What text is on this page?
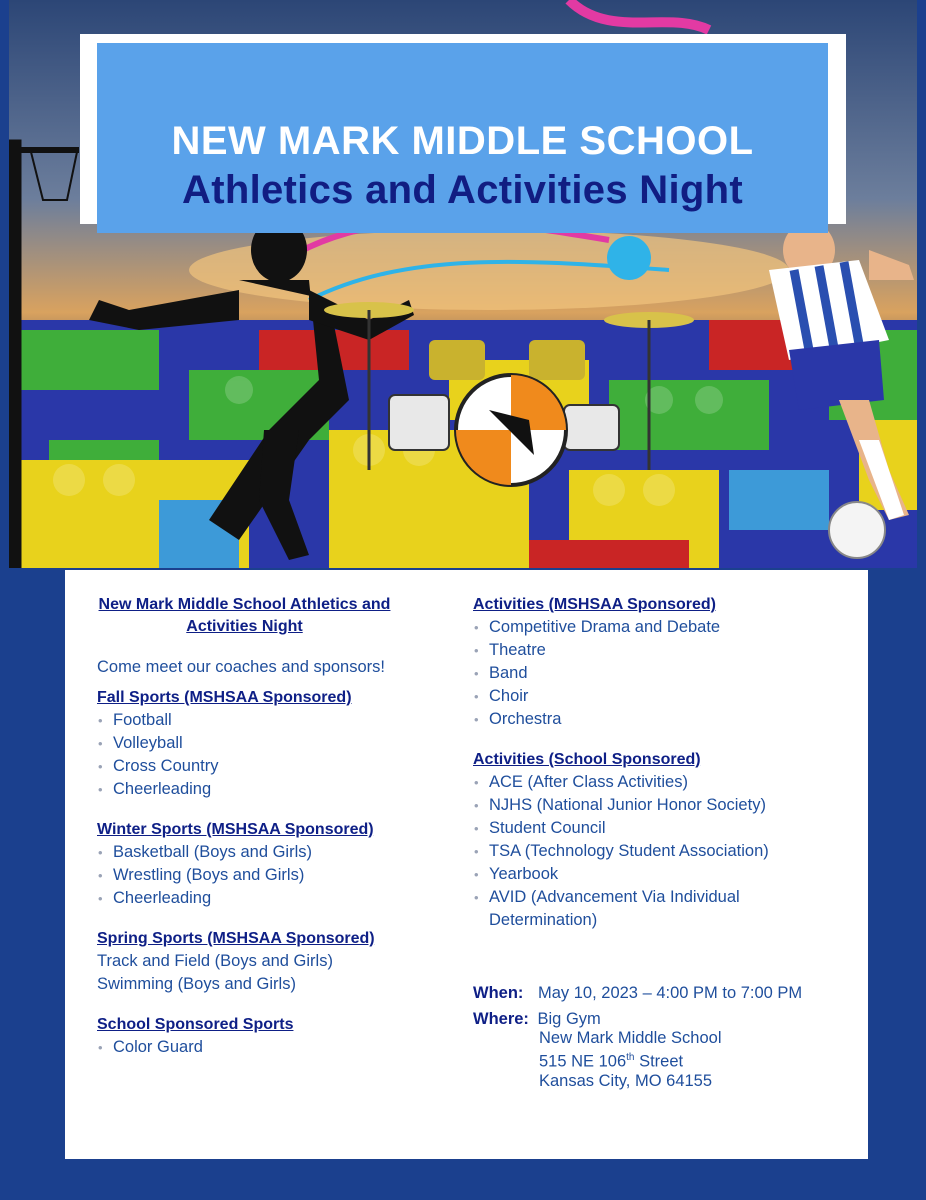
NEW MARK MIDDLE SCHOOL
Athletics and Activities Night
New Mark Middle School Athletics and
Activities Night
Come meet our coaches and sponsors!
Fall Sports (MSHSAA Sponsored)
• Football
• Volleyball
• Cross Country
• Cheerleading
Winter Sports (MSHSAA Sponsored)
• Basketball (Boys and Girls)
• Wrestling (Boys and Girls)
• Cheerleading
Spring Sports (MSHSAA Sponsored)
Track and Field (Boys and Girls)
Swimming (Boys and Girls)
School Sponsored Sports
• Color Guard
Activities (MSHSAA Sponsored)
• Competitive Drama and Debate
• Theatre
• Band
• Choir
• Orchestra
Activities (School Sponsored)
• ACE (After Class Activities)
• NJHS (National Junior Honor Society)
• Student Council
• TSA (Technology Student Association)
• Yearbook
• AVID (Advancement Via Individual
Determination)
When: May 10, 2023 – 4:00 PM to 7:00 PM
Where: Big Gym
New Mark Middle School
515 NE 106th Street
Kansas City, MO 64155
